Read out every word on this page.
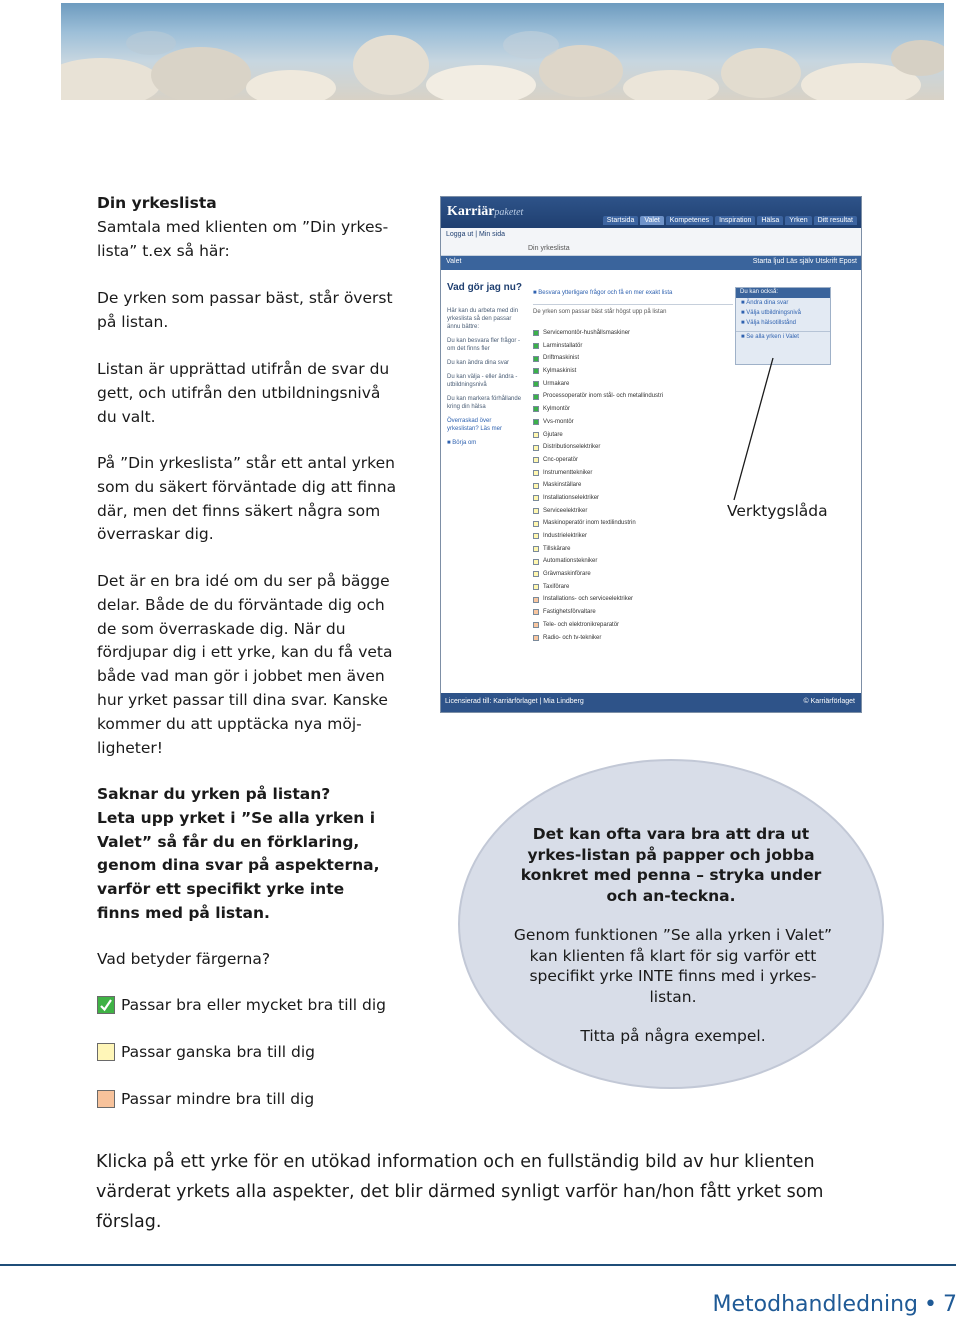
Din yrkeslista
Samtala med klienten om ”Din yrkes-lista” t.ex så här:
De yrken som passar bäst, står överst på listan.
Listan är upprättad utifrån de svar du gett, och utifrån den utbildningsnivå du valt.
På ”Din yrkeslista” står ett antal yrken som du säkert förväntade dig att finna där, men det finns säkert några som överraskar dig.
Det är en bra idé om du ser på bägge delar. Både de du förväntade dig och de som överraskade dig. När du fördjupar dig i ett yrke, kan du få veta både vad man gör i jobbet men även hur yrket passar till dina svar. Kanske kommer du att upptäcka nya möj-ligheter!
Saknar du yrken på listan?
Leta upp yrket i ”Se alla yrken i Valet” så får du en förklaring, genom dina svar på aspekterna, varför ett specifikt yrke inte finns med på listan.
Vad betyder färgerna?
Passar bra eller mycket bra till dig
Passar ganska bra till dig
Passar mindre bra till dig
Karriärpaketet
Startsida	Valet	Kompetenes	Inspiration	Hälsa	Yrken	Ditt resultat
Logga ut | Min sida
Din yrkeslista
Valet	Starta ljud Läs själv Utskrift Epost
Vad gör jag nu?

Här kan du arbeta med din yrkeslista så den passar ännu bättre:

Du kan besvara fler frågor - om det finns fler

Du kan ändra dina svar

Du kan välja - eller ändra - utbildningsnivå

Du kan markera förhållande kring din hälsa

Överraskad över yrkeslistan? Läs mer

■ Börja om

■ Besvara ytterligare frågor och få en mer exakt lista
De yrken som passar bäst står högst upp på listan
Servicemontör-hushållsmaskiner
Larminstallatör
Driftmaskinist
Kylmaskinist
Urmakare
Processoperatör inom stål- och metallindustri
Kylmontör
Vvs-montör
Gjutare
Distributionselektriker
Cnc-operatör
Instrumenttekniker
Maskinställare
Installationselektriker
Serviceelektriker
Maskinoperatör inom textilindustrin
Industrielektriker
Tillskärare
Automationstekniker
Grävmaskinförare
Taxiförare
Installations- och serviceelektriker
Fastighetsförvaltare
Tele- och elektronikreparatör
Radio- och tv-tekniker
Du kan också:
■ Ändra dina svar
■ Välja utbildningsnivå
■ Välja hälsotillstånd
■ Se alla yrken i Valet
Licensierad till: Karriärförlaget | Mia Lindberg	© Karriärförlaget
Verktygslåda
Det kan ofta vara bra att dra ut yrkes-listan på papper och jobba konkret med penna – stryka under och an-teckna.
Genom funktionen ”Se alla yrken i Valet” kan klienten få klart för sig varför ett specifikt yrke INTE finns med i yrkes-listan.
Titta på några exempel.
Klicka på ett yrke för en utökad information och en fullständig bild av hur klienten värderat yrkets alla aspekter, det blir därmed synligt varför han/hon fått yrket som förslag.
Metodhandledning • 7
